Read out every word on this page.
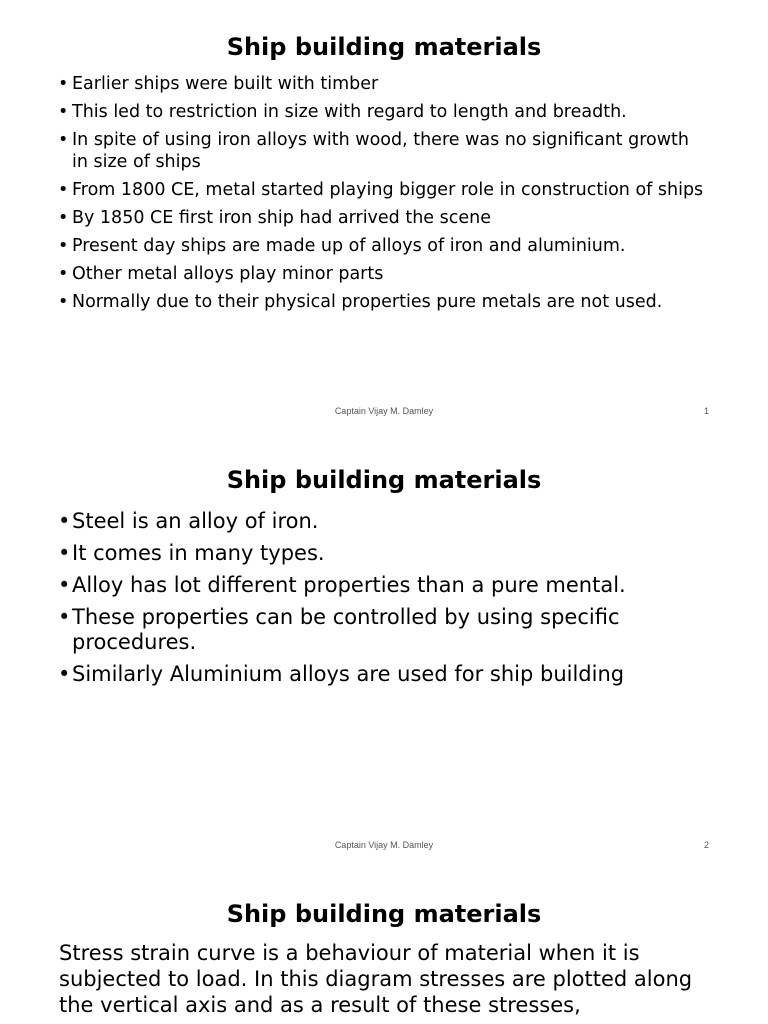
Ship building materials
• Earlier ships were built with timber
• This led to restriction in size with regard to length and breadth.
• In spite of using iron alloys with wood, there was no significant growth in size of ships
• From 1800 CE, metal started playing bigger role in construction of ships
• By 1850 CE first iron ship had arrived the scene
• Present day ships are made up of alloys of iron and aluminium.
• Other metal alloys play minor parts
• Normally due to their physical properties pure metals are not used.
Captain Vijay M. Damley	1
Ship building materials
• Steel is an alloy of iron.
• It comes in many types.
• Alloy has lot different properties than a pure mental.
• These properties can be controlled by using specific procedures.
• Similarly Aluminium alloys are used for ship building
Captain Vijay M. Damley	2
Ship building materials

Stress strain curve is a behaviour of material when it is subjected to load. In this diagram stresses are plotted along the vertical axis and as a result of these stresses,
